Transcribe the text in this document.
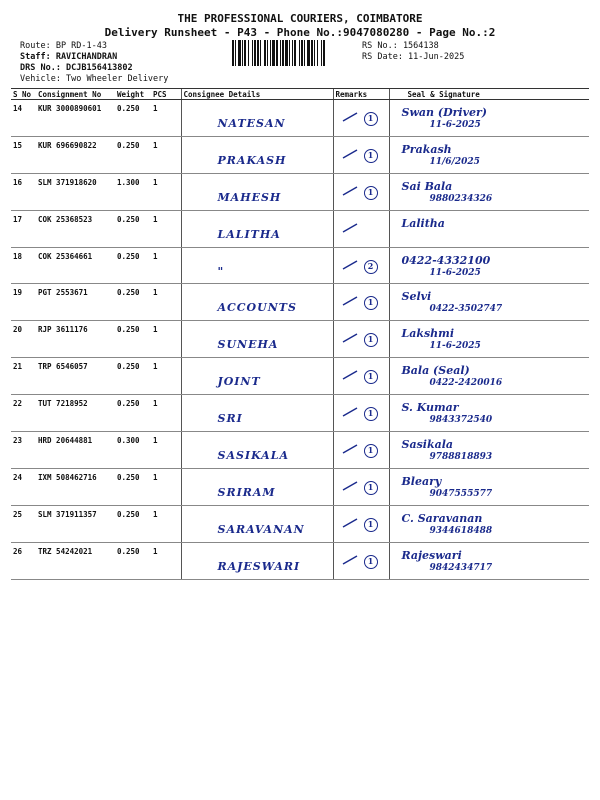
THE PROFESSIONAL COURIERS, COIMBATORE
Delivery Runsheet - P43 - Phone No.:9047080280 - Page No.:2
Route: BP RD-1-43
Staff: RAVICHANDRAN
DRS No.: DCJB156413802
Vehicle: Two Wheeler Delivery
RS No.: 1564138
RS Date: 11-Jun-2025
S No	Consignment No	Weight	PCS	Consignee Details	Remarks	Seal & Signature
14	KUR 3000890601	0.250	1	NATESAN	1	Swan (Driver)
11-6-2025

15	KUR 696690822	0.250	1	PRAKASH	1	Prakash
11/6/2025

16	SLM 371918620	1.300	1	MAHESH	1	Sai Bala
9880234326

17	COK 25368523	0.250	1	LALITHA		Lalitha

18	COK 25364661	0.250	1	"	2	0422-4332100
11-6-2025

19	PGT 2553671	0.250	1	ACCOUNTS	1	Selvi
0422-3502747

20	RJP 3611176	0.250	1	SUNEHA	1	Lakshmi
11-6-2025

21	TRP 6546057	0.250	1	JOINT	1	Bala (Seal)
0422-2420016

22	TUT 7218952	0.250	1	SRI	1	S. Kumar
9843372540

23	HRD 20644881	0.300	1	SASIKALA	1	Sasikala
9788818893

24	IXM 508462716	0.250	1	SRIRAM	1	Bleary
9047555577

25	SLM 371911357	0.250	1	SARAVANAN	1	C. Saravanan
9344618488

26	TRZ 54242021	0.250	1	RAJESWARI	1	Rajeswari
9842434717
